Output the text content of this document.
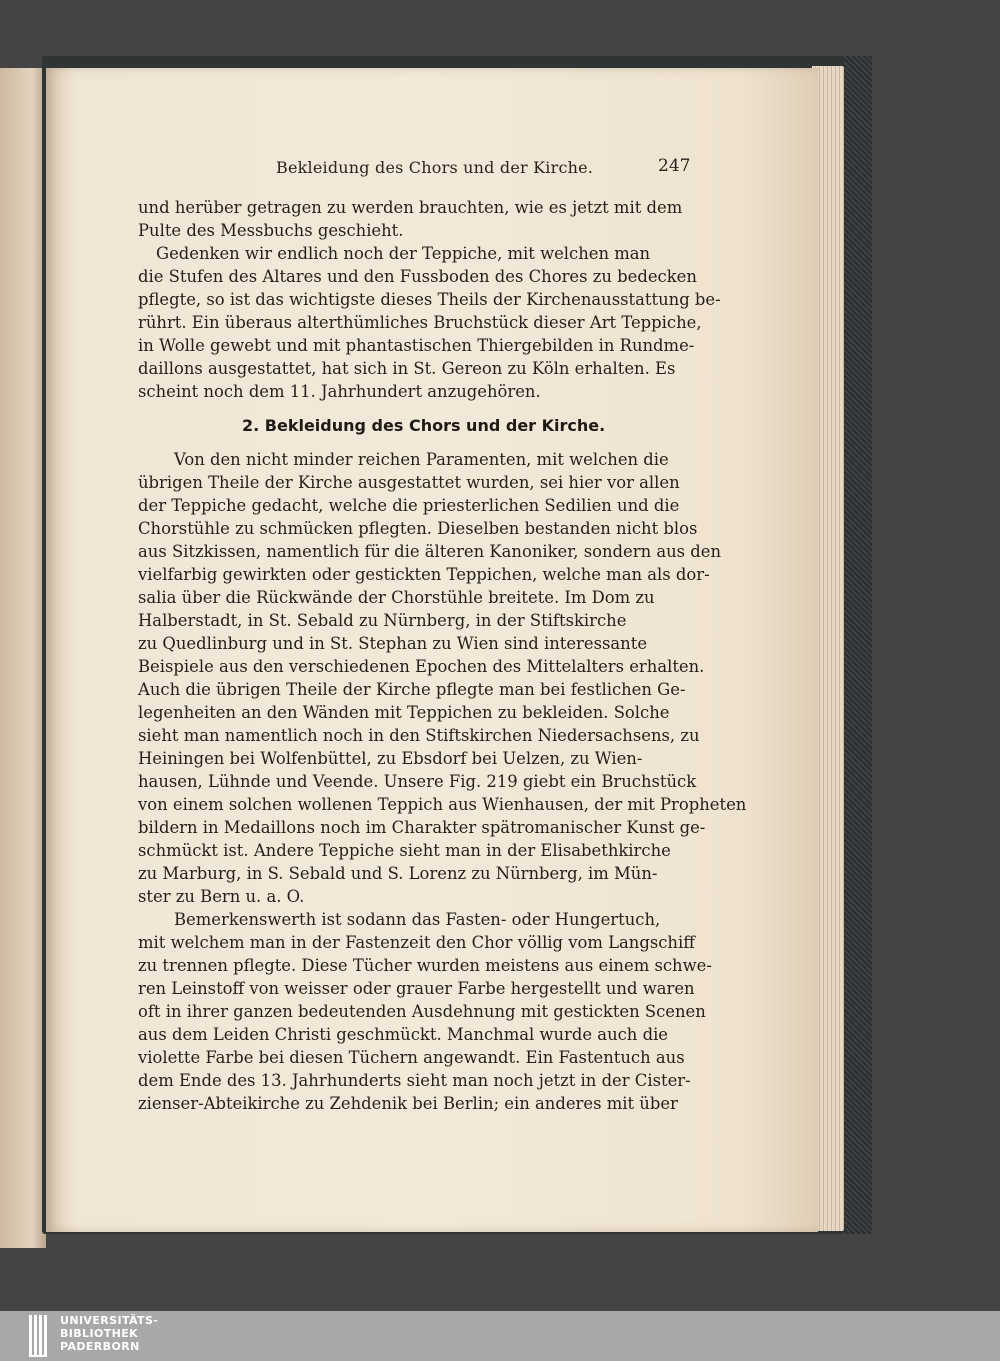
Bekleidung des Chors und der Kirche.	247
und herüber getragen zu werden brauchten, wie es jetzt mit dem
Pulte des Messbuchs geschieht.
Gedenken wir endlich noch der Teppiche, mit welchen man
die Stufen des Altares und den Fussboden des Chores zu bedecken
pflegte, so ist das wichtigste dieses Theils der Kirchenausstattung be-
rührt. Ein überaus alterthümliches Bruchstück dieser Art Teppiche,
in Wolle gewebt und mit phantastischen Thiergebilden in Rundme-
daillons ausgestattet, hat sich in St. Gereon zu Köln erhalten. Es
scheint noch dem 11. Jahrhundert anzugehören.
2. Bekleidung des Chors und der Kirche.
Von den nicht minder reichen Paramenten, mit welchen die
übrigen Theile der Kirche ausgestattet wurden, sei hier vor allen
der Teppiche gedacht, welche die priesterlichen Sedilien und die
Chorstühle zu schmücken pflegten. Dieselben bestanden nicht blos
aus Sitzkissen, namentlich für die älteren Kanoniker, sondern aus den
vielfarbig gewirkten oder gestickten Teppichen, welche man als dor-
salia über die Rückwände der Chorstühle breitete. Im Dom zu
Halberstadt, in St. Sebald zu Nürnberg, in der Stiftskirche
zu Quedlinburg und in St. Stephan zu Wien sind interessante
Beispiele aus den verschiedenen Epochen des Mittelalters erhalten.
Auch die übrigen Theile der Kirche pflegte man bei festlichen Ge-
legenheiten an den Wänden mit Teppichen zu bekleiden. Solche
sieht man namentlich noch in den Stiftskirchen Niedersachsens, zu
Heiningen bei Wolfenbüttel, zu Ebsdorf bei Uelzen, zu Wien-
hausen, Lühnde und Veende. Unsere Fig. 219 giebt ein Bruchstück
von einem solchen wollenen Teppich aus Wienhausen, der mit Propheten
bildern in Medaillons noch im Charakter spätromanischer Kunst ge-
schmückt ist. Andere Teppiche sieht man in der Elisabethkirche
zu Marburg, in S. Sebald und S. Lorenz zu Nürnberg, im Mün-
ster zu Bern u. a. O.
Bemerkenswerth ist sodann das Fasten- oder Hungertuch,
mit welchem man in der Fastenzeit den Chor völlig vom Langschiff
zu trennen pflegte. Diese Tücher wurden meistens aus einem schwe-
ren Leinstoff von weisser oder grauer Farbe hergestellt und waren
oft in ihrer ganzen bedeutenden Ausdehnung mit gestickten Scenen
aus dem Leiden Christi geschmückt. Manchmal wurde auch die
violette Farbe bei diesen Tüchern angewandt. Ein Fastentuch aus
dem Ende des 13. Jahrhunderts sieht man noch jetzt in der Cister-
zienser-Abteikirche zu Zehdenik bei Berlin; ein anderes mit über
UNIVERSITÄTS-
BIBLIOTHEK
PADERBORN
